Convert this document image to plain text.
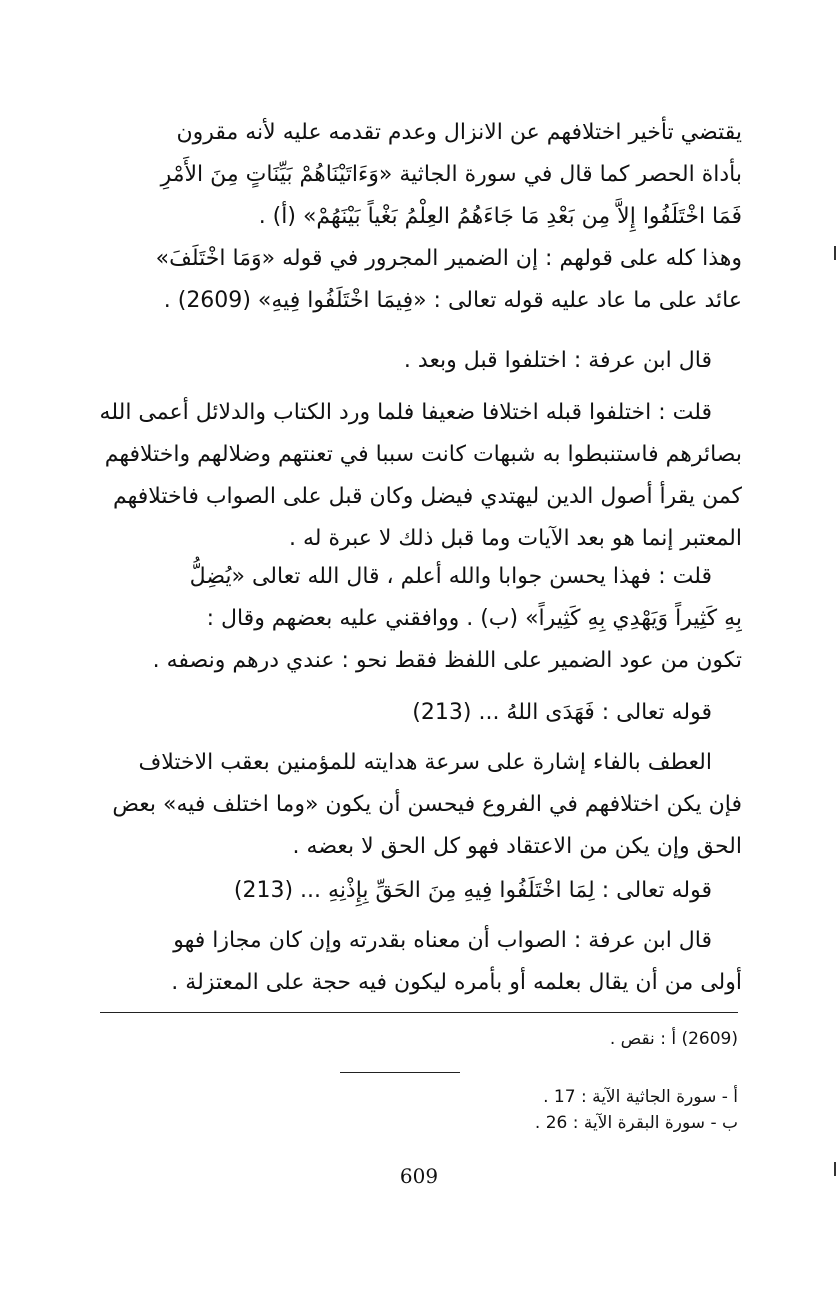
يقتضي تأخير اختلافهم عن الانزال وعدم تقدمه عليه لأنه مقرون
بأداة الحصر كما قال في سورة الجاثية «وَءَاتَيْنَاهُمْ بَيِّنَاتٍ مِنَ الأَمْرِ
فَمَا اخْتَلَفُوا إِلاَّ مِن بَعْدِ مَا جَاءَهُمُ العِلْمُ بَغْياً بَيْنَهُمْ» (أ) .
وهذا كله على قولهم : إن الضمير المجرور في قوله «وَمَا اخْتَلَفَ»
عائد على ما عاد عليه قوله تعالى : «فِيمَا اخْتَلَفُوا فِيهِ» (2609) .
قال ابن عرفة : اختلفوا قبل وبعد .
قلت : اختلفوا قبله اختلافا ضعيفا فلما ورد الكتاب والدلائل أعمى الله
بصائرهم فاستنبطوا به شبهات كانت سببا في تعنتهم وضلالهم واختلافهم
كمن يقرأ أصول الدين ليهتدي فيضل وكان قبل على الصواب فاختلافهم
المعتبر إنما هو بعد الآيات وما قبل ذلك لا عبرة له .
قلت : فهذا يحسن جوابا والله أعلم ، قال الله تعالى «يُضِلُّ
بِهِ كَثِيراً وَيَهْدِي بِهِ كَثِيراً» (ب) . ووافقني عليه بعضهم وقال :
تكون من عود الضمير على اللفظ فقط نحو : عندي درهم ونصفه .
قوله تعالى : فَهَدَى اللهُ ... (213)
العطف بالفاء إشارة على سرعة هدايته للمؤمنين بعقب الاختلاف
فإن يكن اختلافهم في الفروع فيحسن أن يكون «وما اختلف فيه» بعض
الحق وإن يكن من الاعتقاد فهو كل الحق لا بعضه .
قوله تعالى : لِمَا اخْتَلَفُوا فِيهِ مِنَ الحَقِّ بِإِذْنِهِ ... (213)
قال ابن عرفة : الصواب أن معناه بقدرته وإن كان مجازا فهو
أولى من أن يقال بعلمه أو بأمره ليكون فيه حجة على المعتزلة .
(2609) أ : نقص .
أ - سورة الجاثية الآية : 17 .
ب - سورة البقرة الآية : 26 .
609
